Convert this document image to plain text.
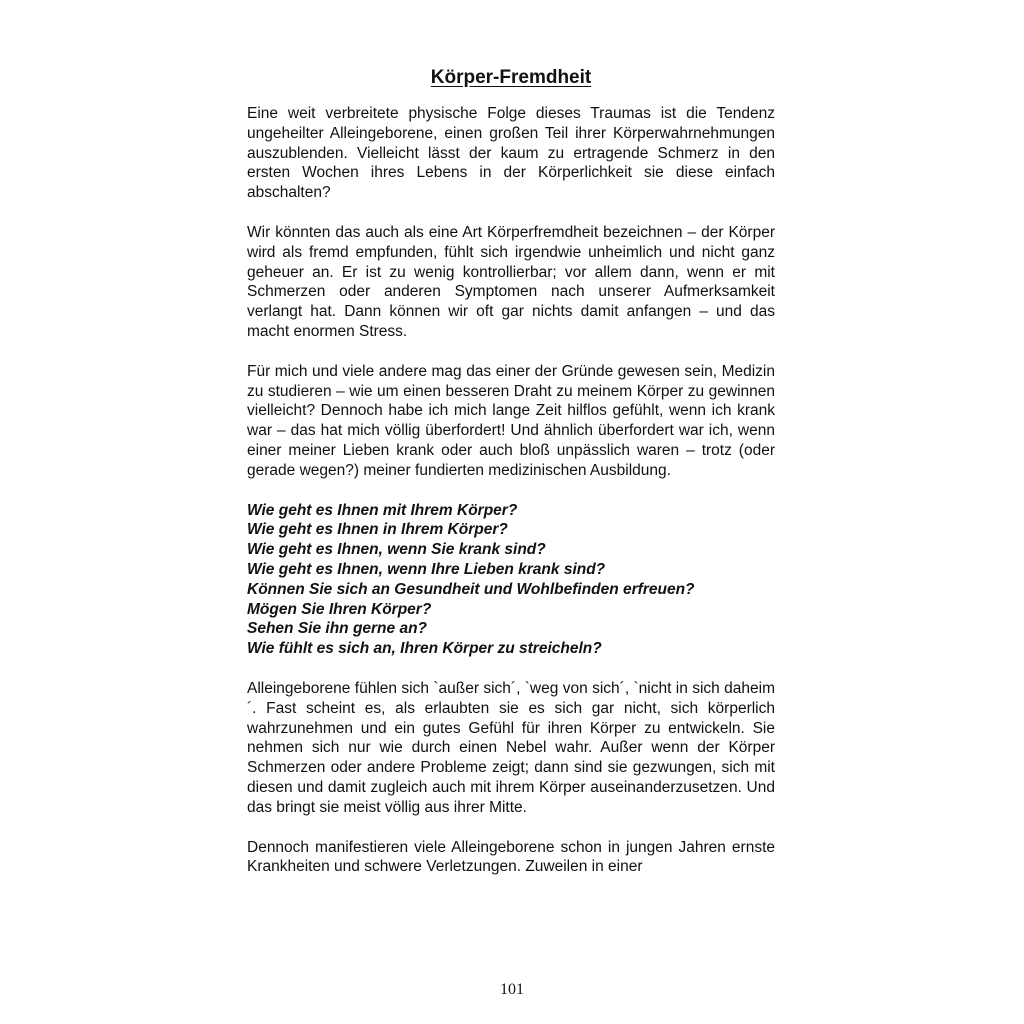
Körper-Fremdheit

Eine weit verbreitete physische Folge dieses Traumas ist die Tendenz ungeheilter Alleingeborene, einen großen Teil ihrer Körperwahrnehmungen auszublenden. Vielleicht lässt der kaum zu ertragende Schmerz in den ersten Wochen ihres Lebens in der Körperlichkeit sie diese einfach abschalten?

Wir könnten das auch als eine Art Körperfremdheit bezeichnen – der Körper wird als fremd empfunden, fühlt sich irgendwie unheimlich und nicht ganz geheuer an. Er ist zu wenig kontrollierbar; vor allem dann, wenn er mit Schmerzen oder anderen Symptomen nach unserer Aufmerksamkeit verlangt hat. Dann können wir oft gar nichts damit anfangen – und das macht enormen Stress.

Für mich und viele andere mag das einer der Gründe gewesen sein, Medizin zu studieren – wie um einen besseren Draht zu meinem Körper zu gewinnen vielleicht? Dennoch habe ich mich lange Zeit hilflos gefühlt, wenn ich krank war – das hat mich völlig überfordert! Und ähnlich überfordert war ich, wenn einer meiner Lieben krank oder auch bloß unpässlich waren – trotz (oder gerade wegen?) meiner fundierten medizinischen Ausbildung.

Wie geht es Ihnen mit Ihrem Körper?
Wie geht es Ihnen in Ihrem Körper?
Wie geht es Ihnen, wenn Sie krank sind?
Wie geht es Ihnen, wenn Ihre Lieben krank sind?
Können Sie sich an Gesundheit und Wohlbefinden erfreuen?
Mögen Sie Ihren Körper?
Sehen Sie ihn gerne an?
Wie fühlt es sich an, Ihren Körper zu streicheln?

Alleingeborene fühlen sich `außer sich´, `weg von sich´, `nicht in sich daheim´. Fast scheint es, als erlaubten sie es sich gar nicht, sich körperlich wahrzunehmen und ein gutes Gefühl für ihren Körper zu entwickeln. Sie nehmen sich nur wie durch einen Nebel wahr. Außer wenn der Körper Schmerzen oder andere Probleme zeigt; dann sind sie gezwungen, sich mit diesen und damit zugleich auch mit ihrem Körper auseinanderzusetzen. Und das bringt sie meist völlig aus ihrer Mitte.

Dennoch manifestieren viele Alleingeborene schon in jungen Jahren ernste Krankheiten und schwere Verletzungen. Zuweilen in einer

101
